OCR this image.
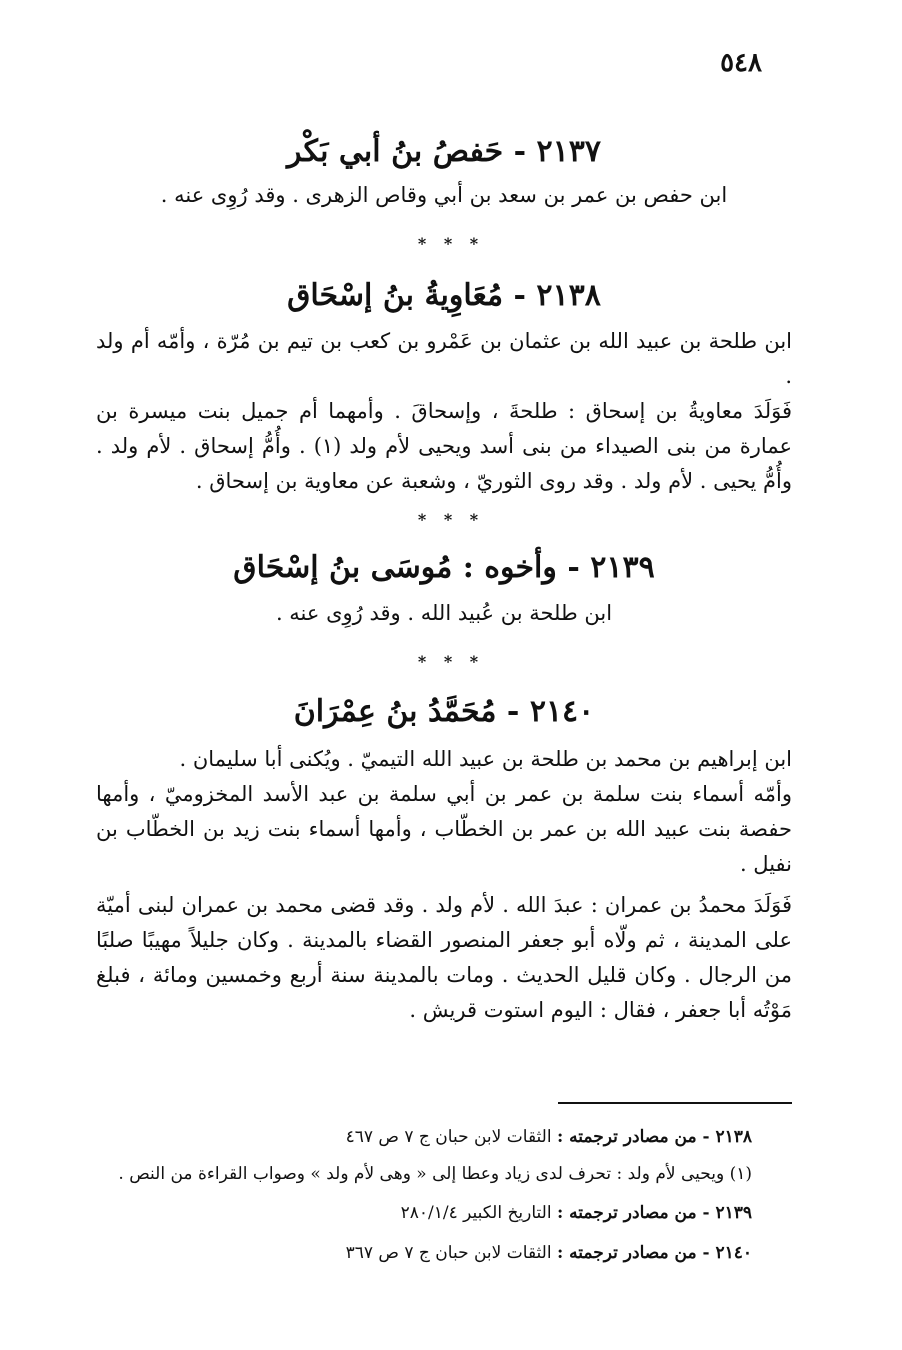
٥٤٨
٢١٣٧ - حَفصُ بنُ أبي بَكْر

ابن حفص بن عمر بن سعد بن أبي وقاص الزهرى . وقد رُوِى عنه .

* * *
٢١٣٨ - مُعَاوِيةُ بنُ إسْحَاق

ابن طلحة بن عبيد الله بن عثمان بن عَمْرو بن كعب بن تيم بن مُرّة ، وأمّه أم ولد .

فَوَلَدَ معاويةُ بن إسحاق : طلحةَ ، وإسحاقَ . وأمهما أم جميل بنت ميسرة بن عمارة من بنى الصيداء من بنى أسد ويحيى لأم ولد (١) . وأُمُّ إسحاق . لأم ولد . وأُمُّ يحيى . لأم ولد . وقد روى الثوريّ ، وشعبة عن معاوية بن إسحاق .

* * *
٢١٣٩ - وأخوه : مُوسَى بنُ إسْحَاق

ابن طلحة بن عُبيد الله . وقد رُوِى عنه .

* * *
٢١٤٠ - مُحَمَّدُ بنُ عِمْرَانَ

ابن إبراهيم بن محمد بن طلحة بن عبيد الله التيميّ . ويُكنى أبا سليمان .

وأمّه أسماء بنت سلمة بن عمر بن أبي سلمة بن عبد الأسد المخزوميّ ، وأمها حفصة بنت عبيد الله بن عمر بن الخطّاب ، وأمها أسماء بنت زيد بن الخطّاب بن نفيل .

فَوَلَدَ محمدُ بن عمران : عبدَ الله . لأم ولد . وقد قضى محمد بن عمران لبنى أميّة على المدينة ، ثم ولّاه أبو جعفر المنصور القضاء بالمدينة . وكان جليلاً مهيبًا صلبًا من الرجال . وكان قليل الحديث . ومات بالمدينة سنة أربع وخمسين ومائة ، فبلغ مَوْتُه أبا جعفر ، فقال : اليوم استوت قريش .

٢١٣٨ - من مصادر ترجمته : الثقات لابن حبان ج ٧ ص ٤٦٧

(١) ويحيى لأم ولد : تحرف لدى زياد وعطا إلى « وهى لأم ولد » وصواب القراءة من النص .

٢١٣٩ - من مصادر ترجمته : التاريخ الكبير ٢٨٠/١/٤

٢١٤٠ - من مصادر ترجمته : الثقات لابن حبان ج ٧ ص ٣٦٧
